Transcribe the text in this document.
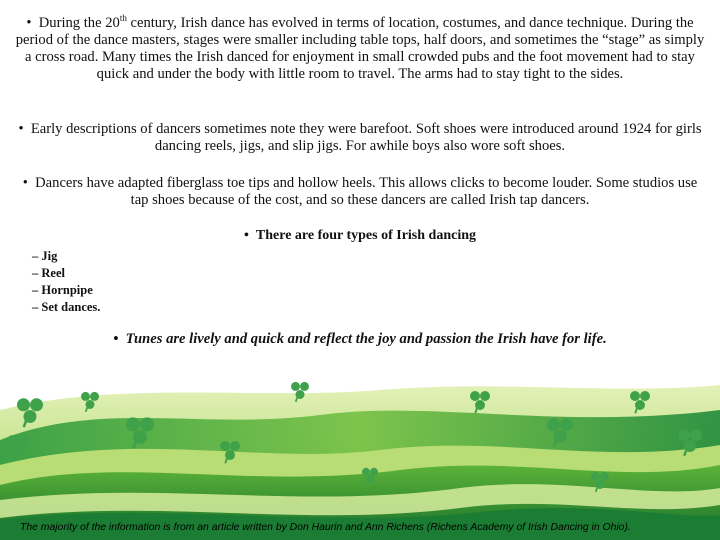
•  During the 20th century, Irish dance has evolved in terms of location, costumes, and dance technique. During the period of the dance masters, stages were smaller including table tops, half doors, and sometimes the “stage” as simply a cross road. Many times the Irish danced for enjoyment in small crowded pubs and the foot movement had to stay quick and under the body with little room to travel. The arms had to stay tight to the sides.
•  Early descriptions of dancers sometimes note they were barefoot. Soft shoes were introduced around 1924 for girls dancing reels, jigs, and slip jigs. For awhile boys also wore soft shoes.
•  Dancers have adapted fiberglass toe tips and hollow heels. This allows clicks to become louder. Some studios use tap shoes because of the cost, and so these dancers are called Irish tap dancers.
•  There are four types of Irish dancing
– Jig
– Reel
– Hornpipe
– Set dances.
•  Tunes are lively and quick and reflect the joy and passion the Irish have for life.
The majority of the information is from an article written by Don Haurin and Ann Richens (Richens Academy of Irish Dancing in Ohio).
